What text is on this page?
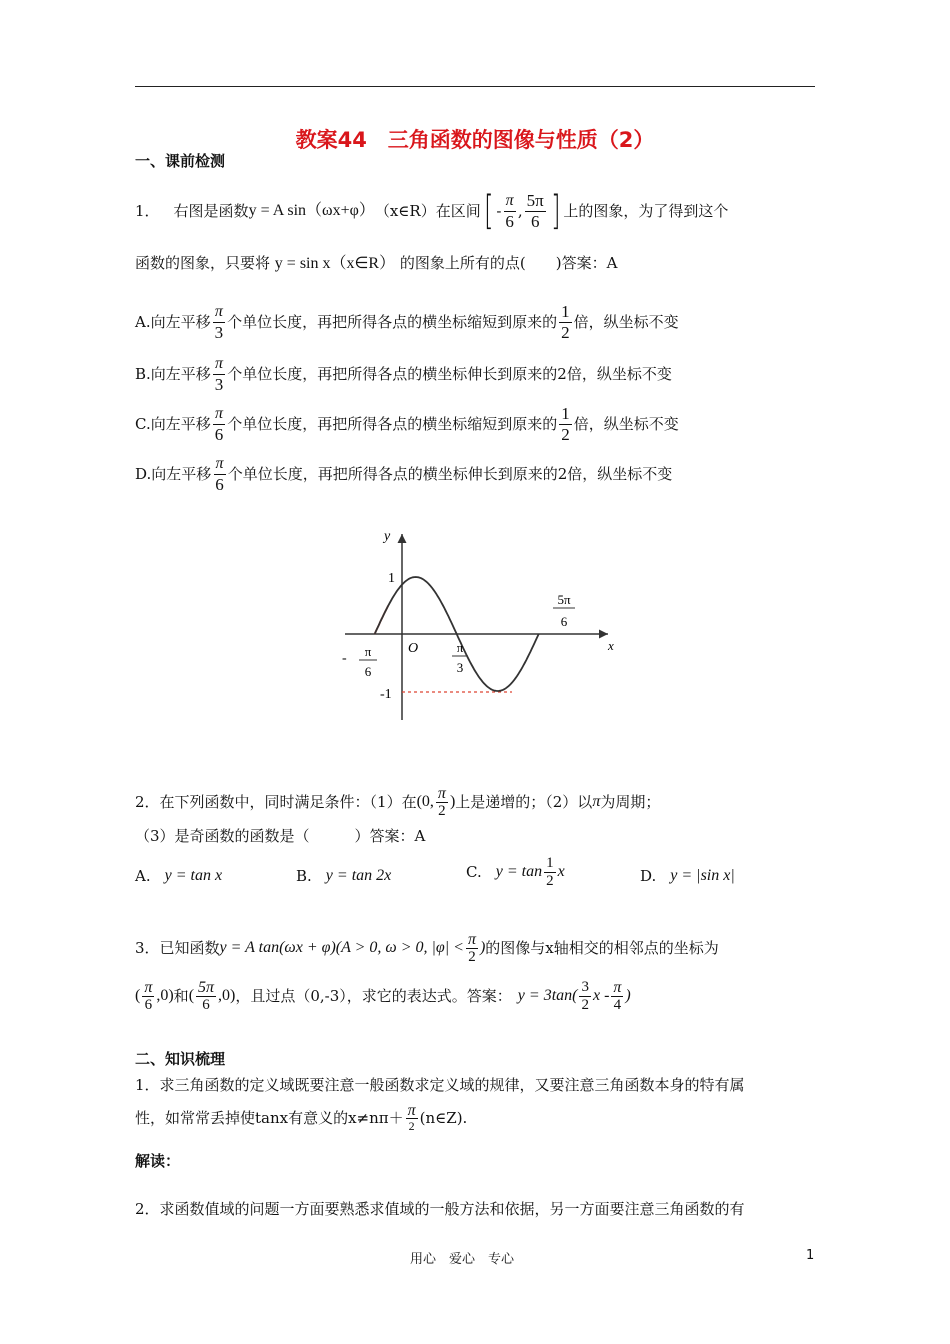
教案44　三角函数的图像与性质（2）
一、课前检测
1． 右图是函数 y = A sin（ωx+φ） （x∈R）在区间 [ - $\frac{\pi}{6}$ , $\frac{5\pi}{6}$ ] 上的图象，为了得到这个
函数的图象，只要将 y = sin x（x∈R） 的图象上所有的点(　　)答案：A
A.向左平移 $\frac{\pi}{3}$ 个单位长度，再把所得各点的横坐标缩短到原来的 $\frac{1}{2}$ 倍，纵坐标不变
B.向左平移 $\frac{\pi}{3}$ 个单位长度，再把所得各点的横坐标伸长到原来的2倍，纵坐标不变
C.向左平移 $\frac{\pi}{6}$ 个单位长度，再把所得各点的横坐标缩短到原来的 $\frac{1}{2}$ 倍，纵坐标不变
D.向左平移 $\frac{\pi}{6}$ 个单位长度，再把所得各点的横坐标伸长到原来的2倍，纵坐标不变
y
x
1
-1
O
- π
6
π
3
5π
6
2．在下列函数中，同时满足条件：（1）在 (0, $\frac{\pi}{2}$ ) 上是递增的；（2）以 π 为周期；
（3）是奇函数的函数是（　　　）答案：A
A. y = tan x	B. y = tan 2x	C. $y = \tan \frac{1}{2}$ x	D. y = |sin x|
3．已知函数 y = A tan(ωx + φ)(A > 0, ω > 0, $|\varphi| < \frac{\pi}{2}$ ) 的图像与x轴相交的相邻点的坐标为
( $\frac{\pi}{6} ,0$) 和 ( $\frac{5\pi}{6} ,0$) ，且过点（0,-3），求它的表达式。答案： $y = 3\tan( \frac{3}{2}$ x - $\frac{\pi}{4}$ )
二、知识梳理
1．求三角函数的定义域既要注意一般函数求定义域的规律，又要注意三角函数本身的特有属
性，如常常丢掉使tanx有意义的$x\ne n\pi+ \frac{\pi}{2}$ (n∈Z).
解读：
2．求函数值域的问题一方面要熟悉求值域的一般方法和依据，另一方面要注意三角函数的有
用心　爱心　专心	1
